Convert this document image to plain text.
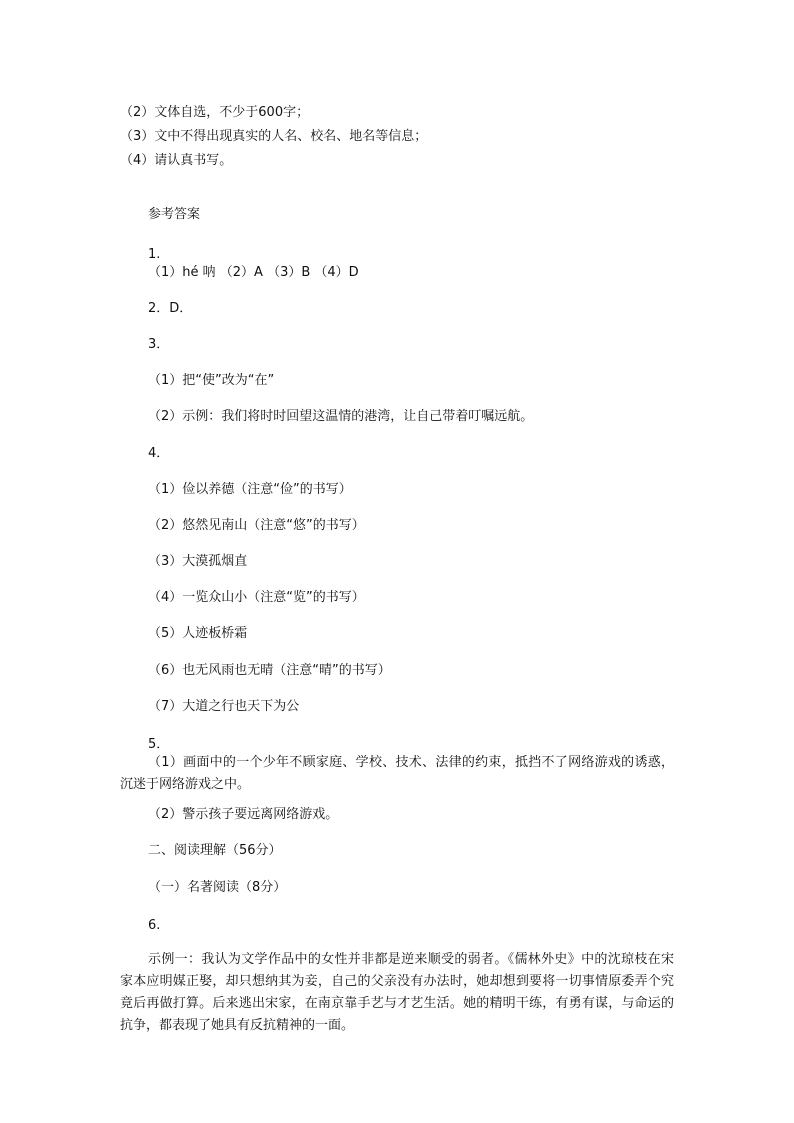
（2）文体自选，不少于600字；
（3）文中不得出现真实的人名、校名、地名等信息；
（4）请认真书写。
参考答案
1.
（1）hé 呐 （2）A （3）B （4）D
2．D．
3．
（1）把“使”改为“在”
（2）示例：我们将时时回望这温情的港湾，让自己带着叮嘱远航。
4．
（1）俭以养德（注意“俭”的书写）
（2）悠然见南山（注意“悠”的书写）
（3）大漠孤烟直
（4）一览众山小（注意“览”的书写）
（5）人迹板桥霜
（6）也无风雨也无晴（注意“晴”的书写）
（7）大道之行也天下为公
5．
（1）画面中的一个少年不顾家庭、学校、技术、法律的约束，抵挡不了网络游戏的诱惑，沉迷于网络游戏之中。
（2）警示孩子要远离网络游戏。
二、阅读理解（56分）
（一）名著阅读（8分）
6.
示例一：我认为文学作品中的女性并非都是逆来顺受的弱者。《儒林外史》中的沈琼枝在宋家本应明媒正娶，却只想纳其为妾，自己的父亲没有办法时，她却想到要将一切事情原委弄个究竟后再做打算。后来逃出宋家，在南京靠手艺与才艺生活。她的精明干练，有勇有谋，与命运的抗争，都表现了她具有反抗精神的一面。
